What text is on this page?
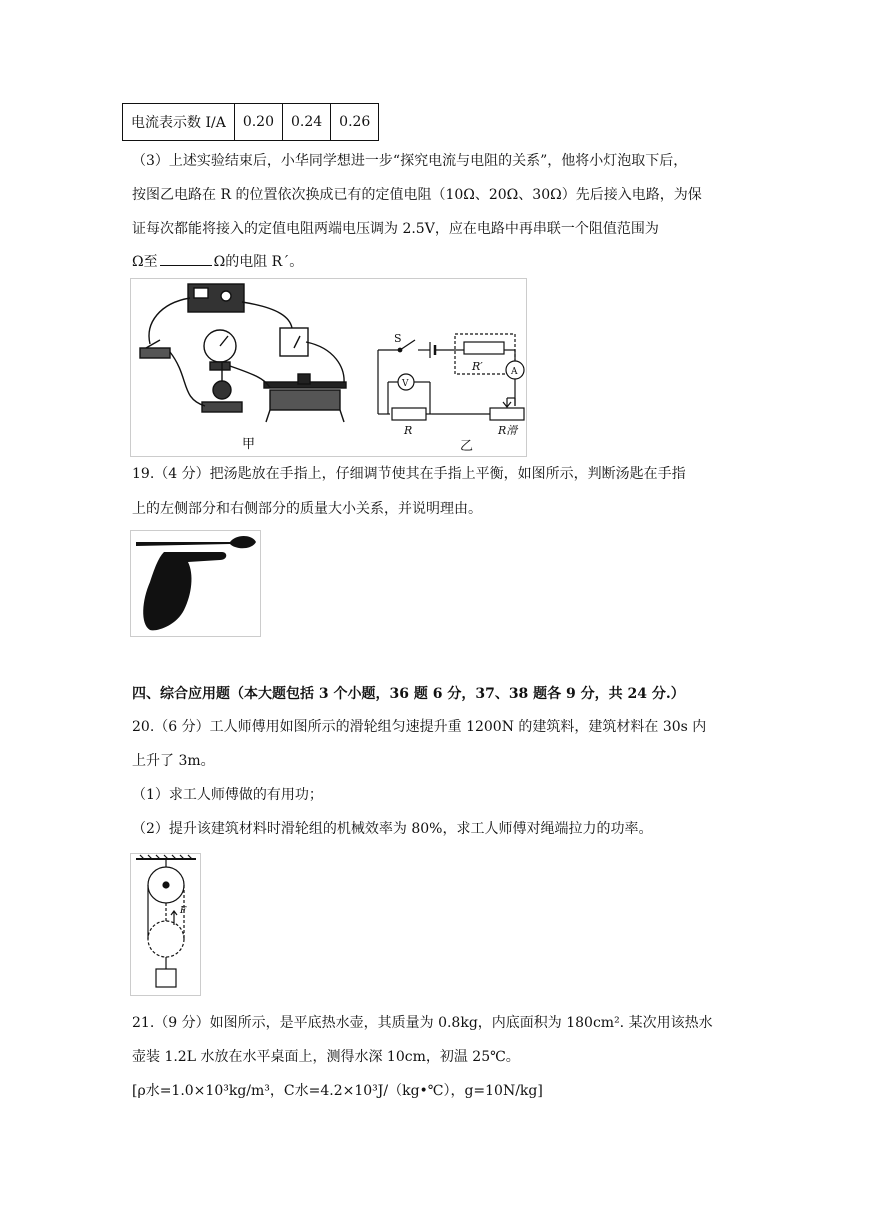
电流表示数 I/A	0.20	0.24	0.26
（3）上述实验结束后，小华同学想进一步“探究电流与电阻的关系”，他将小灯泡取下后，
按图乙电路在 R 的位置依次换成已有的定值电阻（10Ω、20Ω、30Ω）先后接入电路，为保
证每次都能将接入的定值电阻两端电压调为 2.5V，应在电路中再串联一个阻值范围为
Ω至	Ω的电阻 R´。
甲
S
R′
V
A
R	R滑
乙
19.（4 分）把汤匙放在手指上，仔细调节使其在手指上平衡，如图所示，判断汤匙在手指
上的左侧部分和右侧部分的质量大小关系，并说明理由。
四、综合应用题（本大题包括 3 个小题，36 题 6 分，37、38 题各 9 分，共 24 分.）
20.（6 分）工人师傅用如图所示的滑轮组匀速提升重 1200N 的建筑料，建筑材料在 30s 内
上升了 3m。
（1）求工人师傅做的有用功；
（2）提升该建筑材料时滑轮组的机械效率为 80%，求工人师傅对绳端拉力的功率。
F
21.（9 分）如图所示，是平底热水壶，其质量为 0.8kg，内底面积为 180cm². 某次用该热水
壶装 1.2L 水放在水平桌面上，测得水深 10cm，初温 25℃。
[ρ水=1.0×10³kg/m³，C水=4.2×10³J/（kg•℃），g=10N/kg]
